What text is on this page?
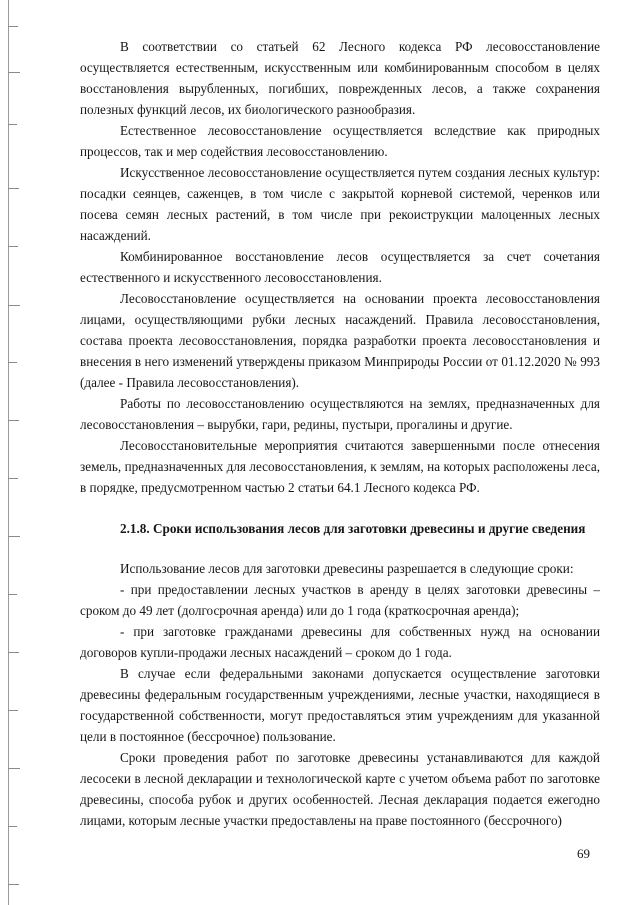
В соответствии со статьей 62 Лесного кодекса РФ лесовосстановление осуществляется естественным, искусственным или комбинированным способом в целях восстановления вырубленных, погибших, поврежденных лесов, а также сохранения полезных функций лесов, их биологического разнообразия.

Естественное лесовосстановление осуществляется вследствие как природных процессов, так и мер содействия лесовосстановлению.

Искусственное лесовосстановление осуществляется путем создания лесных культур: посадки сеянцев, саженцев, в том числе с закрытой корневой системой, черенков или посева семян лесных растений, в том числе при рекоиструкции малоценных лесных насаждений.

Комбинированное восстановление лесов осуществляется за счет сочетания естественного и искусственного лесовосстановления.

Лесовосстановление осуществляется на основании проекта лесовосстановления лицами, осуществляющими рубки лесных насаждений. Правила лесовосстановления, состава проекта лесовосстановления, порядка разработки проекта лесовосстановления и внесения в него изменений утверждены приказом Минприроды России от 01.12.2020 № 993 (далее - Правила лесовосстановления).

Работы по лесовосстановлению осуществляются на землях, предназначенных для лесовосстановления – вырубки, гари, редины, пустыри, прогалины и другие.

Лесовосстановительные мероприятия считаются завершенными после отнесения земель, предназначенных для лесовосстановления, к землям, на которых расположены леса, в порядке, предусмотренном частью 2 статьи 64.1 Лесного кодекса РФ.

2.1.8. Сроки использования лесов для заготовки древесины и другие сведения

Использование лесов для заготовки древесины разрешается в следующие сроки:

- при предоставлении лесных участков в аренду в целях заготовки древесины – сроком до 49 лет (долгосрочная аренда) или до 1 года (краткосрочная аренда);

- при заготовке гражданами древесины для собственных нужд на основании договоров купли-продажи лесных насаждений – сроком до 1 года.

В случае если федеральными законами допускается осуществление заготовки древесины федеральным государственным учреждениями, лесные участки, находящиеся в государственной собственности, могут предоставляться этим учреждениям для указанной цели в постоянное (бессрочное) пользование.

Сроки проведения работ по заготовке древесины устанавливаются для каждой лесосеки в лесной декларации и технологической карте с учетом объема работ по заготовке древесины, способа рубок и других особенностей. Лесная декларация подается ежегодно лицами, которым лесные участки предоставлены на праве постоянного (бессрочного)

69
